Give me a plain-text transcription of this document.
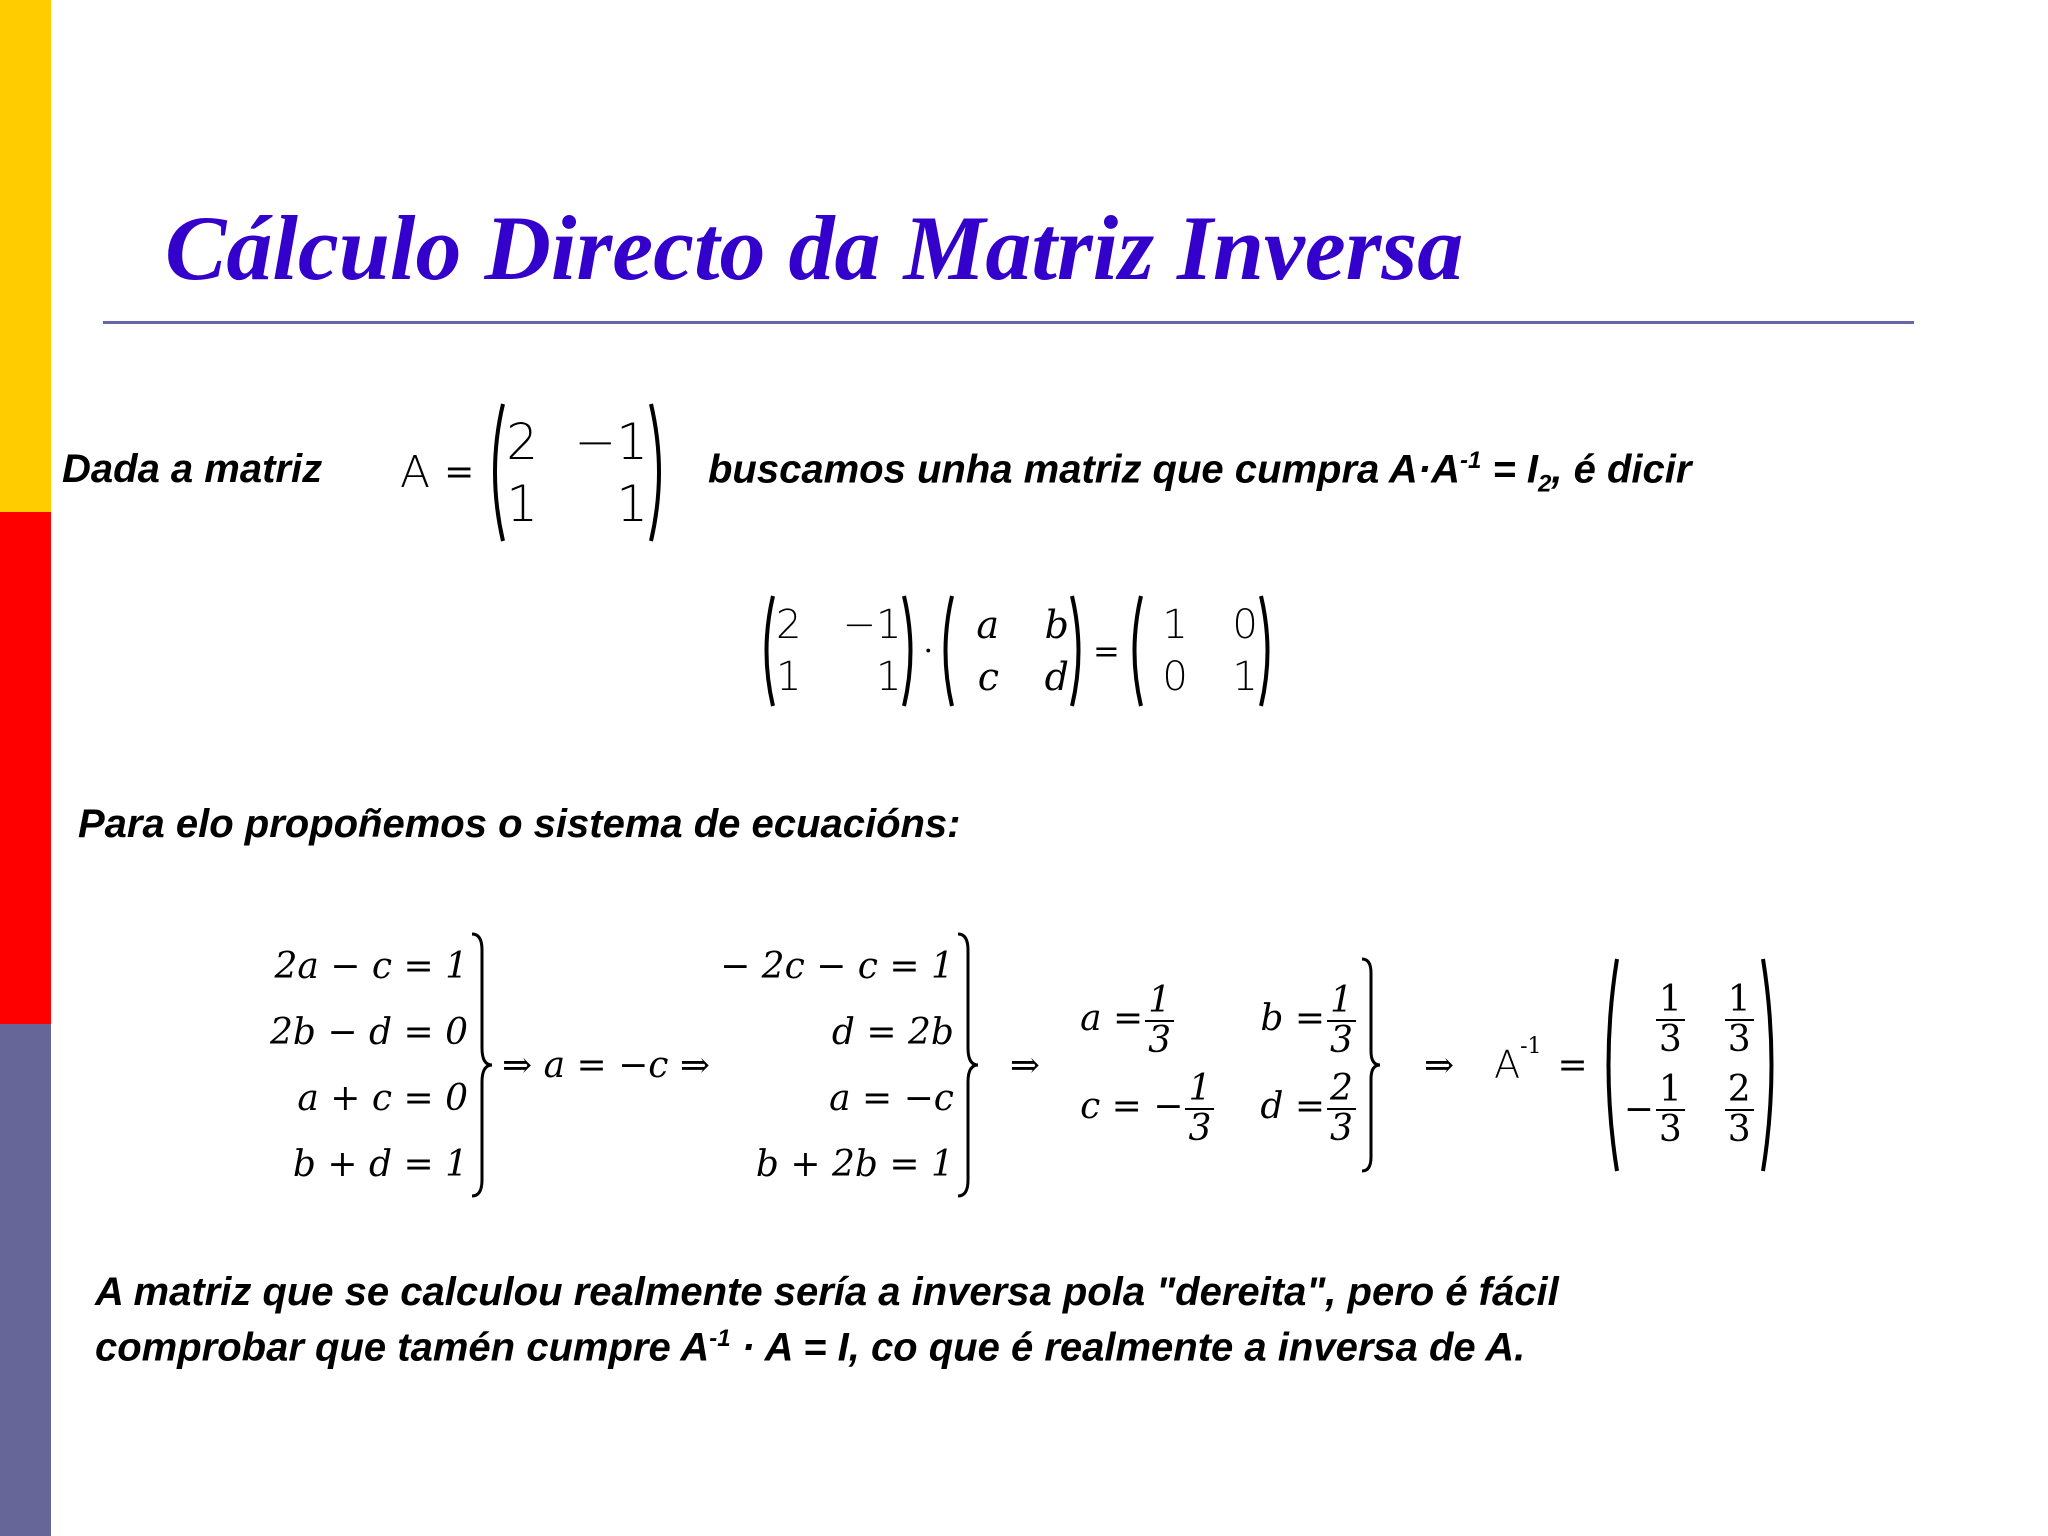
Cálculo Directo da Matriz Inversa
Dada a matriz A =
2 −1
1 1
buscamos unha matriz que cumpra $A\cdot A^{-1} = I_2$, é dicir
2 −1
1 1
·
a b
c d
=
1 0
0 1
Para elo propoñemos o sistema de ecuacións:
2a − c = 1
2b − d = 0
a + c = 0
b + d = 1
⇒ a = −c ⇒
− 2c − c = 1
d = 2b
a = −c
b + 2b = 1
⇒
$a = \frac{1}{3}$ $b = \frac{1}{3}$
c = − $\frac{1}{3}$ $d = \frac{2}{3}$
⇒ $A^{-1}$ =
$\frac{1}{3} \frac{1}{3}$
− $\frac{1}{3} \frac{2}{3}$
A matriz que se calculou realmente sería a inversa pola "dereita", pero é fácil
comprobar que tamén cumpre $A^{-1} \cdot A = I$, co que é realmente a inversa de A.
